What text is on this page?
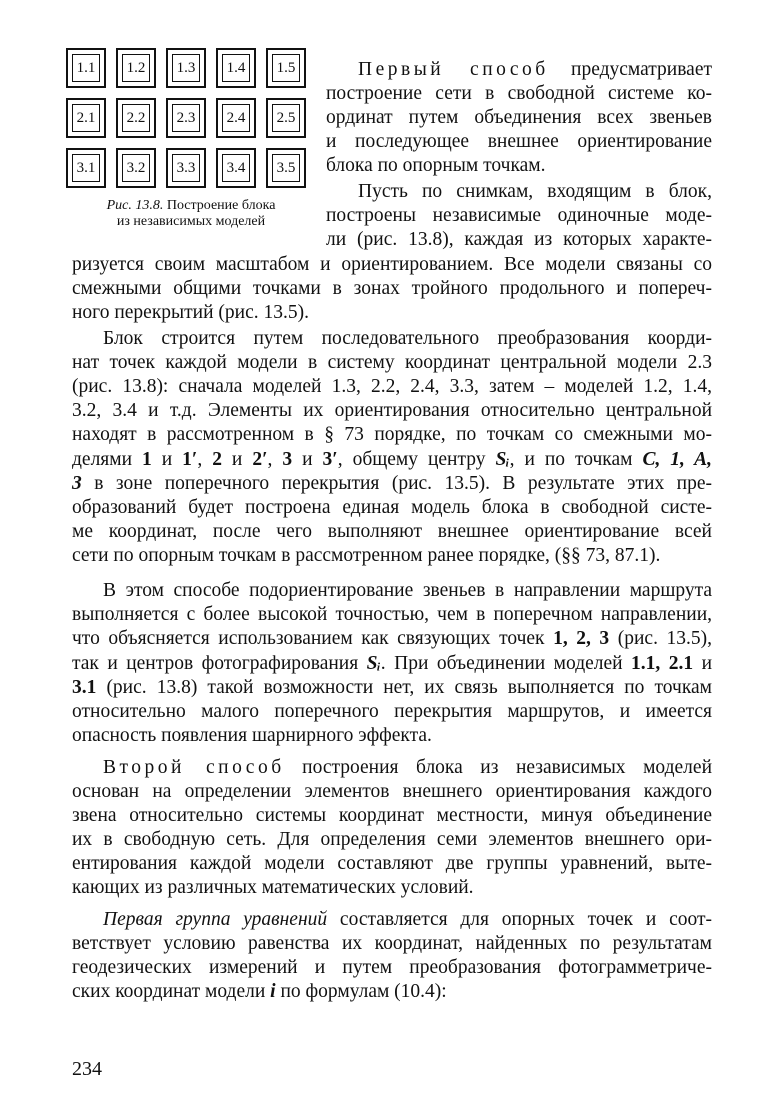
1.1	1.2	1.3	1.4	1.5
2.1	2.2	2.3	2.4	2.5
3.1	3.2	3.3	3.4	3.5
Рис. 13.8. Построение блока
из независимых моделей
Первый способ предусматривает
построение сети в свободной системе ко-
ординат путем объединения всех звеньев
и последующее внешнее ориентирование
блока по опорным точкам.
Пусть по снимкам, входящим в блок,
построены независимые одиночные моде-
ли (рис. 13.8), каждая из которых характе-
ризуется своим масштабом и ориентированием. Все модели связаны со
смежными общими точками в зонах тройного продольного и попереч-
ного перекрытий (рис. 13.5).
Блок строится путем последовательного преобразования коорди-
нат точек каждой модели в систему координат центральной модели 2.3
(рис. 13.8): сначала моделей 1.3, 2.2, 2.4, 3.3, затем – моделей 1.2, 1.4,
3.2, 3.4 и т.д. Элементы их ориентирования относительно центральной
находят в рассмотренном в § 73 порядке, по точкам со смежными мо-
делями 1 и 1′, 2 и 2′, 3 и 3′, общему центру Sᵢ, и по точкам C, 1, A,
3 в зоне поперечного перекрытия (рис. 13.5). В результате этих пре-
образований будет построена единая модель блока в свободной систе-
ме координат, после чего выполняют внешнее ориентирование всей
сети по опорным точкам в рассмотренном ранее порядке, (§§ 73, 87.1).
В этом способе подориентирование звеньев в направлении маршрута
выполняется с более высокой точностью, чем в поперечном направлении,
что объясняется использованием как связующих точек 1, 2, 3 (рис. 13.5),
так и центров фотографирования Sᵢ. При объединении моделей 1.1, 2.1 и
3.1 (рис. 13.8) такой возможности нет, их связь выполняется по точкам
относительно малого поперечного перекрытия маршрутов, и имеется
опасность появления шарнирного эффекта.
Второй способ построения блока из независимых моделей
основан на определении элементов внешнего ориентирования каждого
звена относительно системы координат местности, минуя объединение
их в свободную сеть. Для определения семи элементов внешнего ори-
ентирования каждой модели составляют две группы уравнений, выте-
кающих из различных математических условий.
Первая группа уравнений составляется для опорных точек и соот-
ветствует условию равенства их координат, найденных по результатам
геодезических измерений и путем преобразования фотограмметриче-
ских координат модели i по формулам (10.4):
234
